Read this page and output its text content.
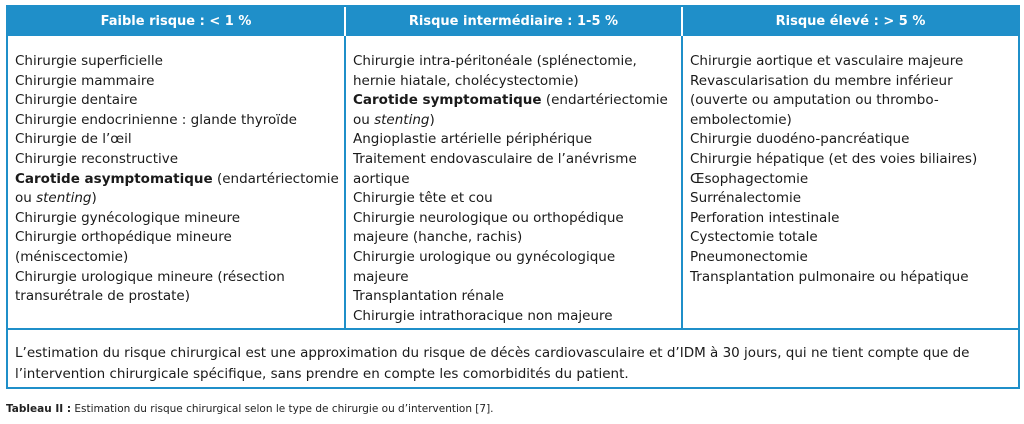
Faible risque : < 1 %	Risque intermédiaire : 1-5 %	Risque élevé : > 5 %
Chirurgie superficielle
Chirurgie mammaire
Chirurgie dentaire
Chirurgie endocrinienne : glande thyroïde
Chirurgie de l’œil
Chirurgie reconstructive
Carotide asymptomatique (endartériectomie
ou stenting)
Chirurgie gynécologique mineure
Chirurgie orthopédique mineure
(méniscectomie)
Chirurgie urologique mineure (résection
transurétrale de prostate)
Chirurgie intra-péritonéale (splénectomie,
hernie hiatale, cholécystectomie)
Carotide symptomatique (endartériectomie
ou stenting)
Angioplastie artérielle périphérique
Traitement endovasculaire de l’anévrisme
aortique
Chirurgie tête et cou
Chirurgie neurologique ou orthopédique
majeure (hanche, rachis)
Chirurgie urologique ou gynécologique
majeure
Transplantation rénale
Chirurgie intrathoracique non majeure
Chirurgie aortique et vasculaire majeure
Revascularisation du membre inférieur
(ouverte ou amputation ou thrombo-
embolectomie)
Chirurgie duodéno-pancréatique
Chirurgie hépatique (et des voies biliaires)
Œsophagectomie
Surrénalectomie
Perforation intestinale
Cystectomie totale
Pneumonectomie
Transplantation pulmonaire ou hépatique
L’estimation du risque chirurgical est une approximation du risque de décès cardiovasculaire et d’IDM à 30 jours, qui ne tient compte que de
l’intervention chirurgicale spécifique, sans prendre en compte les comorbidités du patient.
Tableau II : Estimation du risque chirurgical selon le type de chirurgie ou d’intervention [7].
